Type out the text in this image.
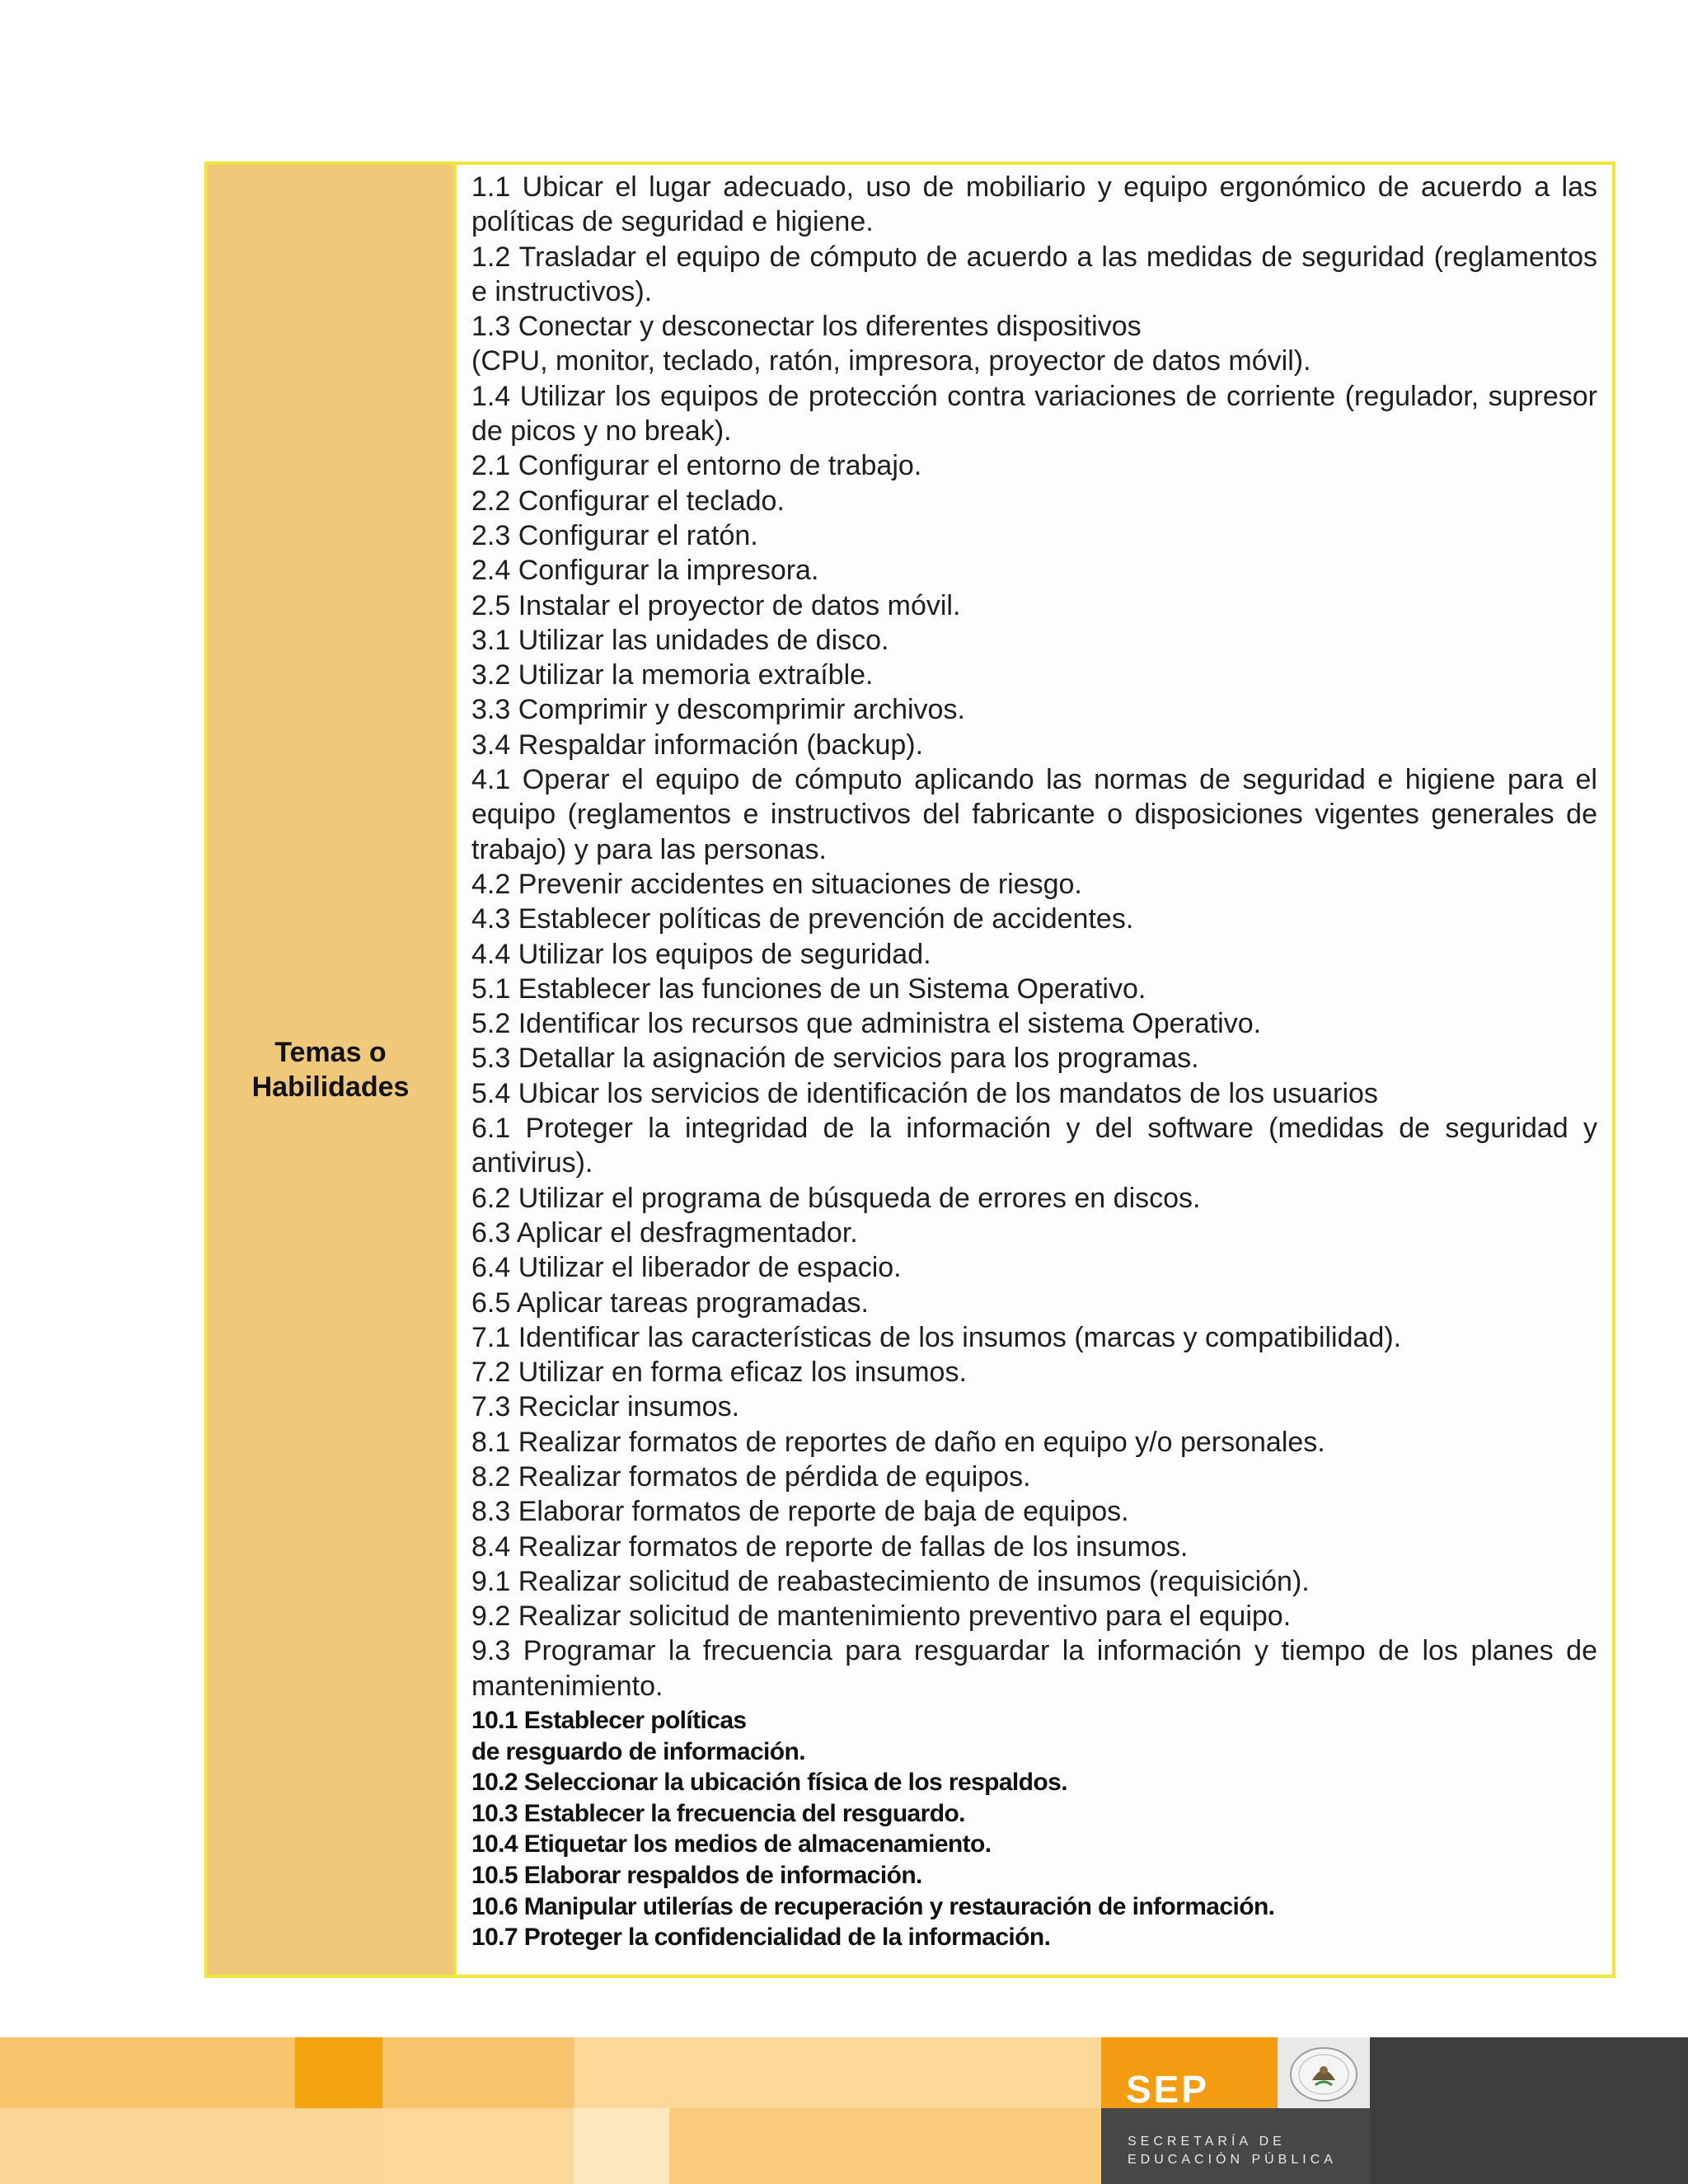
Temas o
Habilidades

1.1 Ubicar el lugar adecuado, uso de mobiliario y equipo ergonómico de acuerdo a las políticas de seguridad e higiene.

1.2 Trasladar el equipo de cómputo de acuerdo a las medidas de seguridad (reglamentos e instructivos).

1.3 Conectar y desconectar los diferentes dispositivos

(CPU, monitor, teclado, ratón, impresora, proyector de datos móvil).

1.4 Utilizar los equipos de protección contra variaciones de corriente (regulador, supresor de picos y no break).

2.1 Configurar el entorno de trabajo.

2.2 Configurar el teclado.

2.3 Configurar el ratón.

2.4 Configurar la impresora.

2.5 Instalar el proyector de datos móvil.

3.1 Utilizar las unidades de disco.

3.2 Utilizar la memoria extraíble.

3.3 Comprimir y descomprimir archivos.

3.4 Respaldar información (backup).

4.1 Operar el equipo de cómputo aplicando las normas de seguridad e higiene para el equipo (reglamentos e instructivos del fabricante o disposiciones vigentes generales de trabajo) y para las personas.

4.2 Prevenir accidentes en situaciones de riesgo.

4.3 Establecer políticas de prevención de accidentes.

4.4 Utilizar los equipos de seguridad.

5.1 Establecer las funciones de un Sistema Operativo.

5.2 Identificar los recursos que administra el sistema Operativo.

5.3 Detallar la asignación de servicios para los programas.

5.4 Ubicar los servicios de identificación de los mandatos de los usuarios

6.1 Proteger la integridad de la información y del software (medidas de seguridad y antivirus).

6.2 Utilizar el programa de búsqueda de errores en discos.

6.3 Aplicar el desfragmentador.

6.4 Utilizar el liberador de espacio.

6.5 Aplicar tareas programadas.

7.1 Identificar las características de los insumos (marcas y compatibilidad).

7.2 Utilizar en forma eficaz los insumos.

7.3 Reciclar insumos.

8.1 Realizar formatos de reportes de daño en equipo y/o personales.

8.2 Realizar formatos de pérdida de equipos.

8.3 Elaborar formatos de reporte de baja de equipos.

8.4 Realizar formatos de reporte de fallas de los insumos.

9.1 Realizar solicitud de reabastecimiento de insumos (requisición).

9.2 Realizar solicitud de mantenimiento preventivo para el equipo.

9.3 Programar la frecuencia para resguardar la información y tiempo de los planes de mantenimiento.

10.1 Establecer políticas

de resguardo de información.

10.2 Seleccionar la ubicación física de los respaldos.

10.3 Establecer la frecuencia del resguardo.

10.4 Etiquetar los medios de almacenamiento.

10.5 Elaborar respaldos de información.

10.6 Manipular utilerías de recuperación y restauración de información.

10.7 Proteger la confidencialidad de la información.

SEP
SECRETARÍA DE
EDUCACIÓN PÚBLICA
